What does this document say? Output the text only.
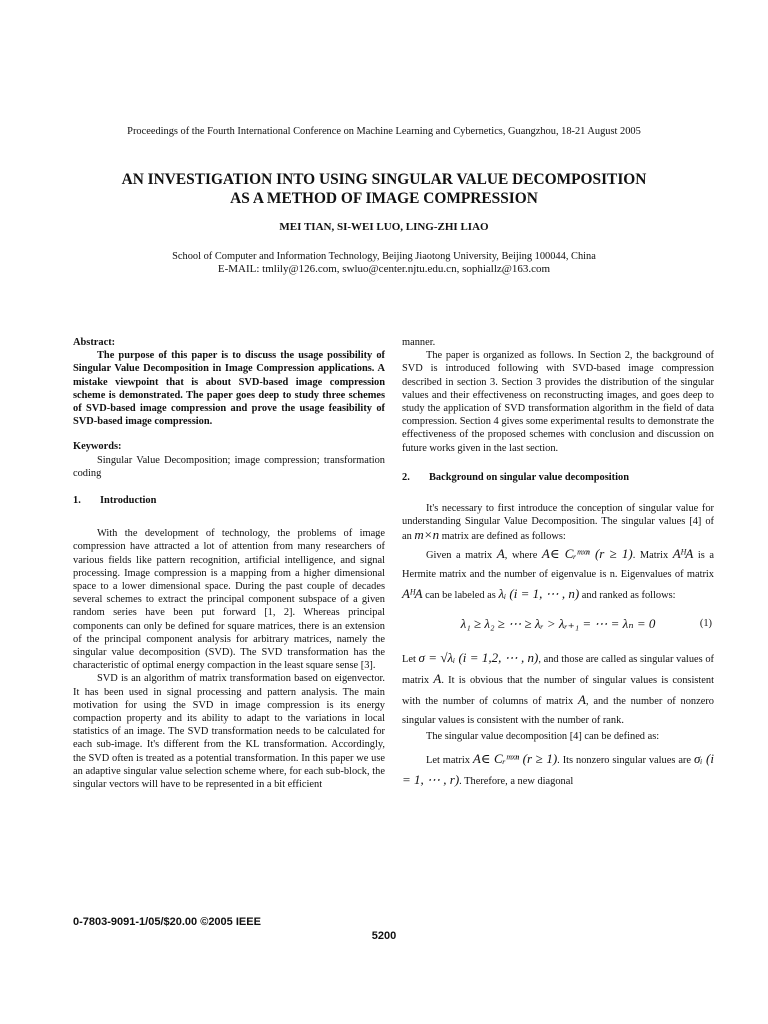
Proceedings of the Fourth International Conference on Machine Learning and Cybernetics, Guangzhou, 18-21 August 2005
AN INVESTIGATION INTO USING SINGULAR VALUE DECOMPOSITION
AS A METHOD OF IMAGE COMPRESSION
MEI TIAN, SI-WEI LUO, LING-ZHI LIAO
School of Computer and Information Technology, Beijing Jiaotong University, Beijing 100044, China
E-MAIL: tmlily@126.com, swluo@center.njtu.edu.cn, sophiallz@163.com

Abstract:

The purpose of this paper is to discuss the usage possibility of Singular Value Decomposition in Image Compression applications. A mistake viewpoint that is about SVD-based image compression scheme is demonstrated. The paper goes deep to study three schemes of SVD-based image compression and prove the usage feasibility of SVD-based image compression.

Keywords:

Singular Value Decomposition; image compression; transformation coding

1. Introduction

With the development of technology, the problems of image compression have attracted a lot of attention from many researchers of various fields like pattern recognition, artificial intelligence, and signal processing. Image compression is a mapping from a higher dimensional space to a lower dimensional space. During the past couple of decades several schemes to extract the principal component subspace of a given random series have been put forward [1, 2]. Whereas principal components can only be defined for square matrices, there is an extension of the principal component analysis for arbitrary matrices, namely the singular value decomposition (SVD). The SVD transformation has the characteristic of optimal energy compaction in the least square sense [3].

SVD is an algorithm of matrix transformation based on eigenvector. It has been used in signal processing and pattern analysis. The main motivation for using the SVD in image compression is its energy compaction property and its ability to adapt to the variations in local statistics of an image. The SVD transformation needs to be calculated for each sub-image. It's different from the KL transformation. Accordingly, the SVD often is treated as a potential transformation. In this paper we use an adaptive singular value selection scheme where, for each sub-block, the singular vectors will have to be represented in a bit efficient

manner.

The paper is organized as follows. In Section 2, the background of SVD is introduced following with SVD-based image compression described in section 3. Section 3 provides the distribution of the singular values and their effectiveness on reconstructing images, and goes deep to study the application of SVD transformation algorithm in the field of data compression. Section 4 gives some experimental results to demonstrate the effectiveness of the proposed schemes with conclusion and discussion on future works given in the last section.

2. Background on singular value decomposition

It's necessary to first introduce the conception of singular value for understanding Singular Value Decomposition. The singular values [4] of an m×n matrix are defined as follows:

Given a matrix A, where A∈ Cᵣᵐˣⁿ (r ≥ 1). Matrix AᴴA is a Hermite matrix and the number of eigenvalue is n. Eigenvalues of matrix AᴴA can be labeled as λᵢ (i = 1, ⋯ , n) and ranked as follows:

λ₁ ≥ λ₂ ≥ ⋯ ≥ λᵣ > λᵣ₊₁ = ⋯ = λₙ = 0	(1)

Let σ = √λᵢ (i = 1,2, ⋯ , n), and those are called as singular values of matrix A. It is obvious that the number of singular values is consistent with the number of columns of matrix A, and the number of nonzero singular values is consistent with the number of rank.

The singular value decomposition [4] can be defined as:

Let matrix A∈ Cᵣᵐˣⁿ (r ≥ 1). Its nonzero singular values are σᵢ (i = 1, ⋯ , r). Therefore, a new diagonal

0-7803-9091-1/05/$20.00 ©2005 IEEE
5200
